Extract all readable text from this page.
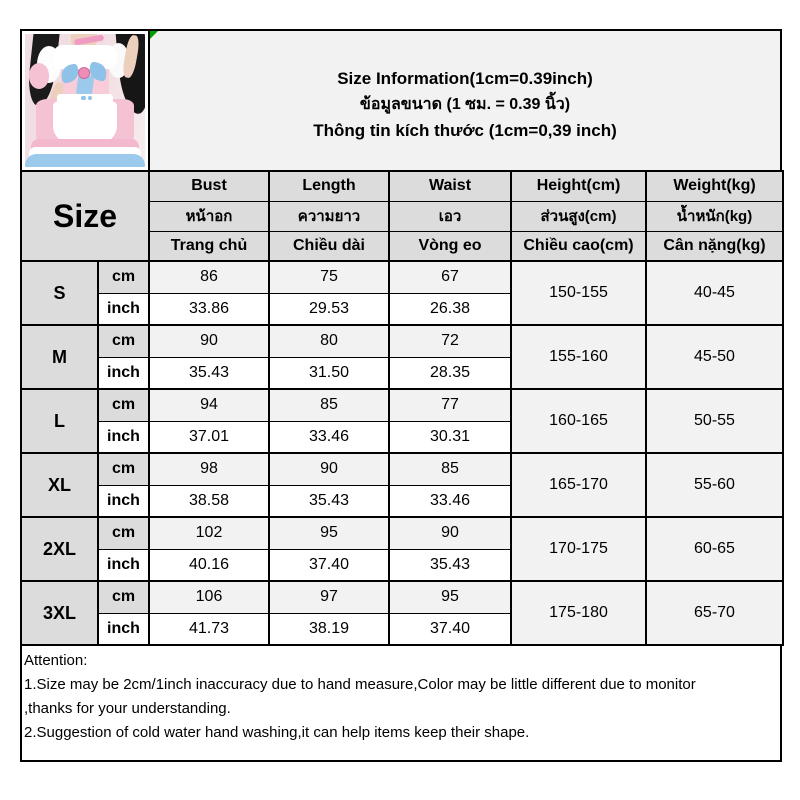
Size Information(1cm=0.39inch)
ข้อมูลขนาด (1 ซม. = 0.39 นิ้ว)
Thông tin kích thước (1cm=0,39 inch)
Size		Bust	Length	Waist	Height(cm)	Weight(kg)
		หน้าอก	ความยาว	เอว	ส่วนสูง(cm)	น้ำหนัก(kg)
		Trang chủ	Chiều dài	Vòng eo	Chiều cao(cm)	Cân nặng(kg)
S	cm	86	75	67	150-155	40-45
	inch	33.86	29.53	26.38		
M	cm	90	80	72	155-160	45-50
	inch	35.43	31.50	28.35		
L	cm	94	85	77	160-165	50-55
	inch	37.01	33.46	30.31		
XL	cm	98	90	85	165-170	55-60
	inch	38.58	35.43	33.46		
2XL	cm	102	95	90	170-175	60-65
	inch	40.16	37.40	35.43		
3XL	cm	106	97	95	175-180	65-70
	inch	41.73	38.19	37.40		
Attention:
1.Size may be 2cm/1inch inaccuracy due to hand measure,Color may be little different due to monitor
,thanks for your understanding.
2.Suggestion of cold water hand washing,it can help items keep their shape.
